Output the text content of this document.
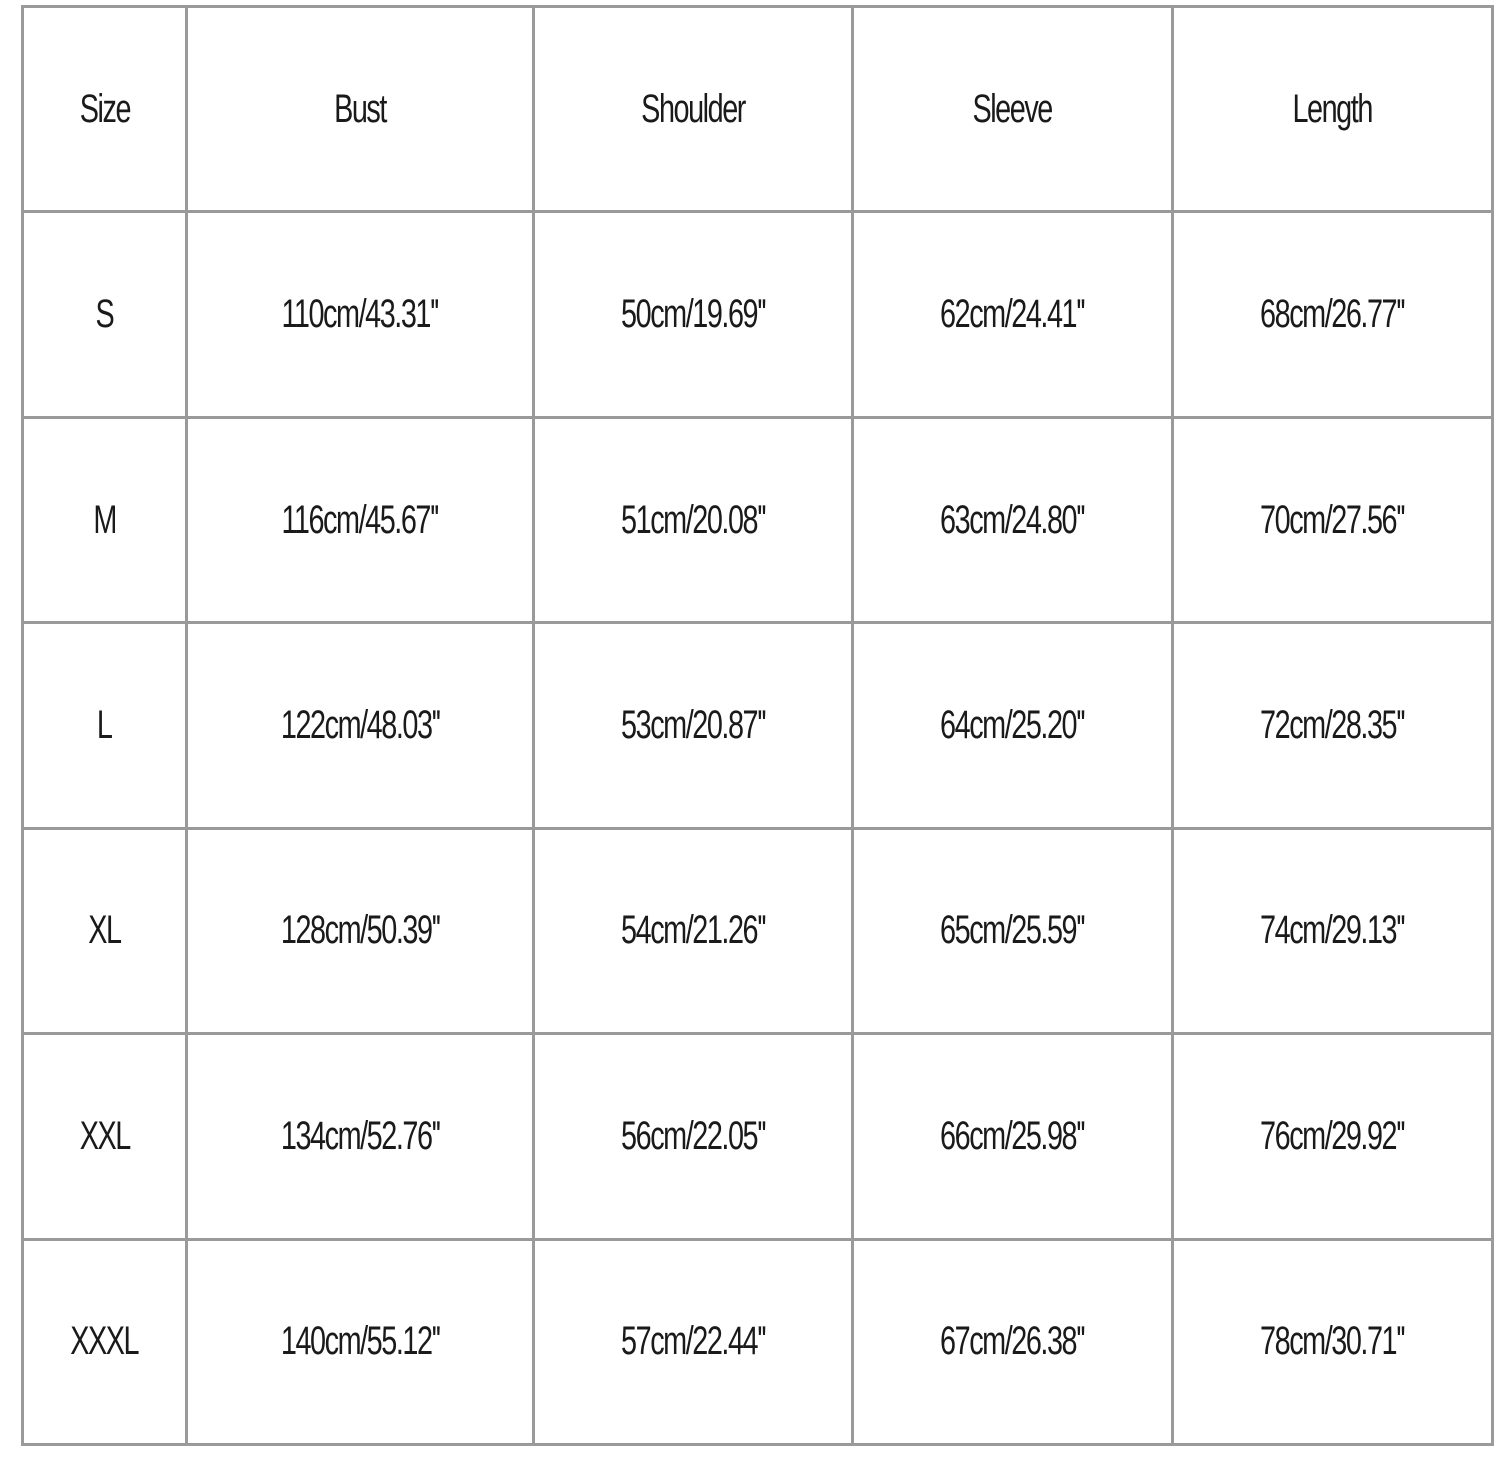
Size	Bust	Shoulder	Sleeve	Length
S	110cm/43.31''	50cm/19.69''	62cm/24.41''	68cm/26.77''
M	116cm/45.67''	51cm/20.08''	63cm/24.80''	70cm/27.56''
L	122cm/48.03''	53cm/20.87''	64cm/25.20''	72cm/28.35''
XL	128cm/50.39''	54cm/21.26''	65cm/25.59''	74cm/29.13''
XXL	134cm/52.76''	56cm/22.05''	66cm/25.98''	76cm/29.92''
XXXL	140cm/55.12''	57cm/22.44''	67cm/26.38''	78cm/30.71''
